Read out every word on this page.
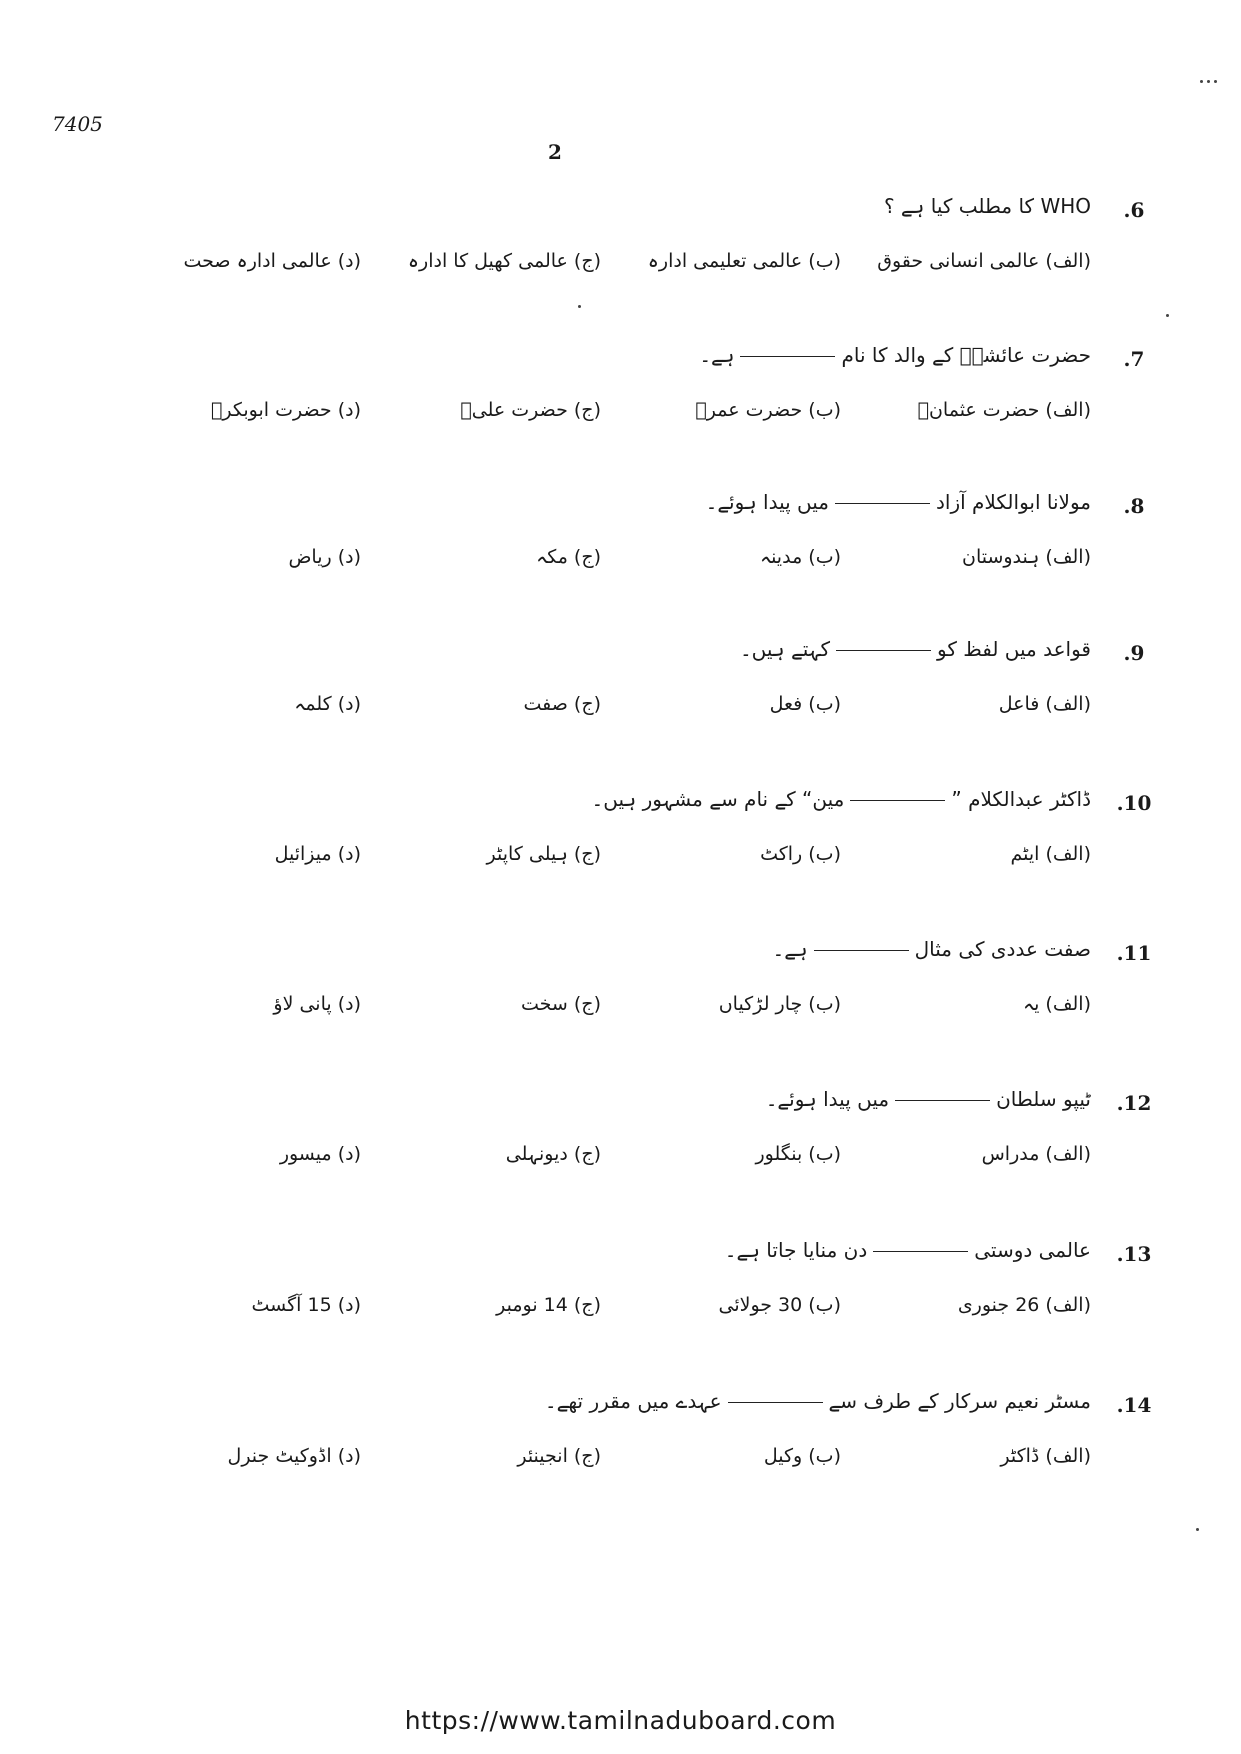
7405
2
.6
WHO کا مطلب کیا ہے ؟
(الف) عالمی انسانی حقوق
(ب) عالمی تعلیمی ادارہ
(ج) عالمی کھیل کا ادارہ
(د) عالمی ادارہ صحت
.7
حضرت عائشہؓ کے والد کا نامہے۔
(الف) حضرت عثمانؓ
(ب) حضرت عمرؓ
(ج) حضرت علیؓ
(د) حضرت ابوبکرؓ
.8
مولانا ابوالکلام آزادمیں پیدا ہوئے۔
(الف) ہندوستان
(ب) مدینہ
(ج) مکہ
(د) ریاض
.9
قواعد میں لفظ کوکہتے ہیں۔
(الف) فاعل
(ب) فعل
(ج) صفت
(د) کلمہ
.10
ڈاکٹر عبدالکلام ”مین“ کے نام سے مشہور ہیں۔
(الف) ایٹم
(ب) راکٹ
(ج) ہیلی کاپٹر
(د) میزائیل
.11
صفت عددی کی مثالہے۔
(الف) یہ
(ب) چار لڑکیاں
(ج) سخت
(د) پانی لاؤ
.12
ٹیپو سلطانمیں پیدا ہوئے۔
(الف) مدراس
(ب) بنگلور
(ج) دیونہلی
(د) میسور
.13
عالمی دوستیدن منایا جاتا ہے۔
(الف) 26 جنوری
(ب) 30 جولائی
(ج) 14 نومبر
(د) 15 آگسٹ
.14
مسٹر نعیم سرکار کے طرف سےعہدے میں مقرر تھے۔
(الف) ڈاکٹر
(ب) وکیل
(ج) انجینئر
(د) اڈوکیٹ جنرل
https://www.tamilnaduboard.com
